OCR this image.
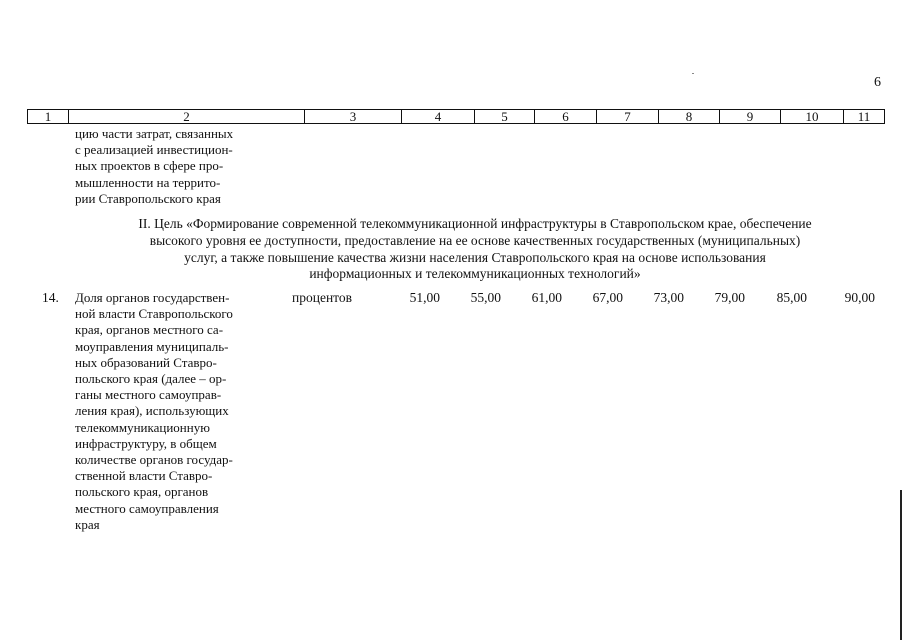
6
1	2	3	4	5	6	7	8	9	10	11
цию части затрат, связанных
с реализацией инвестицион-
ных проектов в сфере про-
мышленности на террито-
рии Ставропольского края
II. Цель «Формирование современной телекоммуникационной инфраструктуры в Ставропольском крае, обеспечение
высокого уровня ее доступности, предоставление на ее основе качественных государственных (муниципальных)
услуг, а также повышение качества жизни населения Ставропольского края на основе использования
информационных и телекоммуникационных технологий»
14. Доля органов государствен-
ной власти Ставропольского
края, органов местного са-
моуправления муниципаль-
ных образований Ставро-
польского края (далее – ор-
ганы местного самоуправ-
ления края), использующих
телекоммуникационную
инфраструктуру, в общем
количестве органов государ-
ственной власти Ставро-
польского края, органов
местного самоуправления
края
процентов	51,00	55,00	61,00	67,00	73,00	79,00	85,00	90,00
